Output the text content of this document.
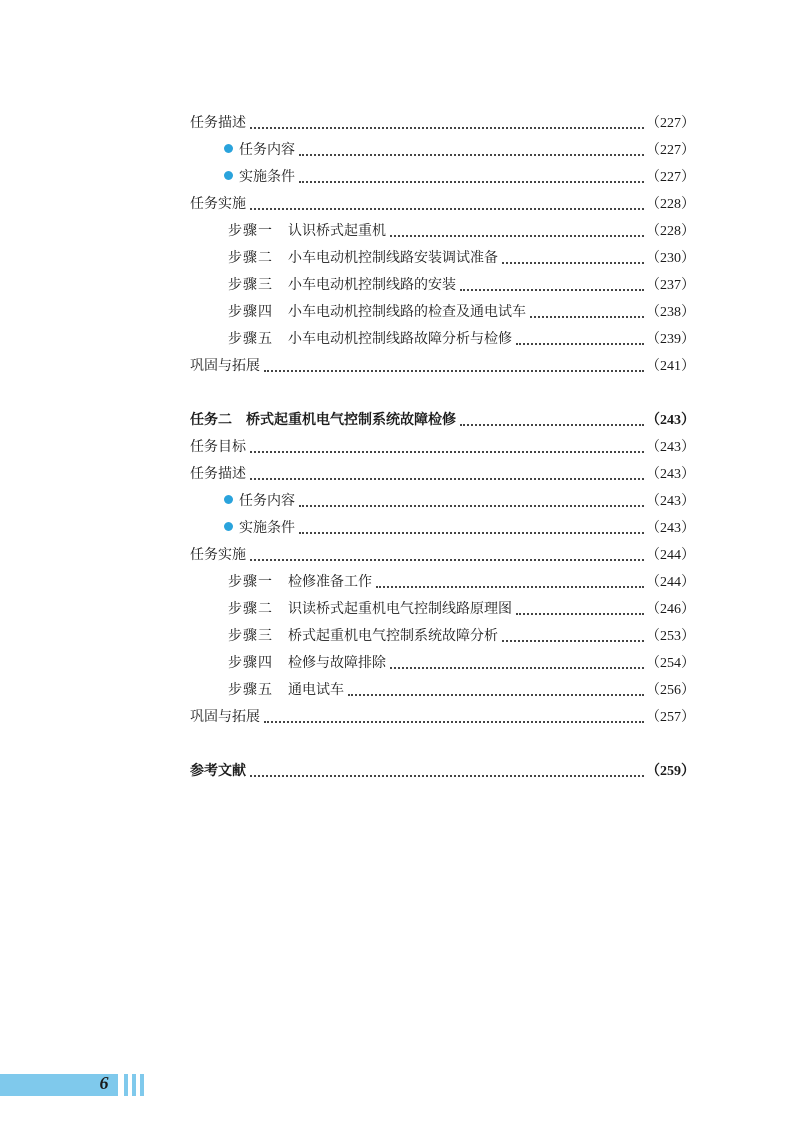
任务描述	（227）
任务内容	（227）
实施条件	（227）
任务实施	（228）
步骤一	认识桥式起重机	（228）
步骤二	小车电动机控制线路安装调试准备	（230）
步骤三	小车电动机控制线路的安装	（237）
步骤四	小车电动机控制线路的检查及通电试车	（238）
步骤五	小车电动机控制线路故障分析与检修	（239）
巩固与拓展	（241）
任务二　桥式起重机电气控制系统故障检修	（243）
任务目标	（243）
任务描述	（243）
任务内容	（243）
实施条件	（243）
任务实施	（244）
步骤一	检修准备工作	（244）
步骤二	识读桥式起重机电气控制线路原理图	（246）
步骤三	桥式起重机电气控制系统故障分析	（253）
步骤四	检修与故障排除	（254）
步骤五	通电试车	（256）
巩固与拓展	（257）
参考文献	（259）
6
